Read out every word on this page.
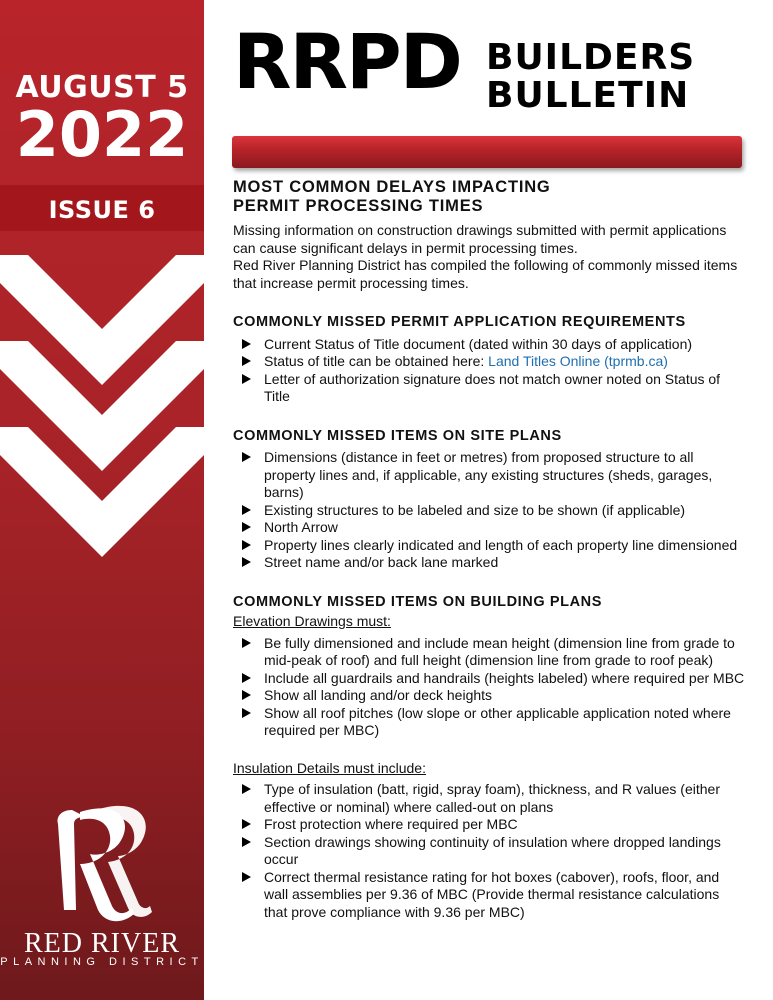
AUGUST 5
2022
ISSUE 6
RED RIVER
PLANNING DISTRICT
RRPD BUILDERS
BULLETIN
MOST COMMON DELAYS IMPACTING
PERMIT PROCESSING TIMES

Missing information on construction drawings submitted with permit applications can cause significant delays in permit processing times.

Red River Planning District has compiled the following of commonly missed items that increase permit processing times.

COMMONLY MISSED PERMIT APPLICATION REQUIREMENTS
Current Status of Title document (dated within 30 days of application)
Status of title can be obtained here: Land Titles Online (tprmb.ca)
Letter of authorization signature does not match owner noted on Status of Title
COMMONLY MISSED ITEMS ON SITE PLANS
Dimensions (distance in feet or metres) from proposed structure to all property lines and, if applicable, any existing structures (sheds, garages, barns)
Existing structures to be labeled and size to be shown (if applicable)
North Arrow
Property lines clearly indicated and length of each property line dimensioned
Street name and/or back lane marked
COMMONLY MISSED ITEMS ON BUILDING PLANS
Elevation Drawings must:
Be fully dimensioned and include mean height (dimension line from grade to mid-peak of roof) and full height (dimension line from grade to roof peak)
Include all guardrails and handrails (heights labeled) where required per MBC
Show all landing and/or deck heights
Show all roof pitches (low slope or other applicable application noted where required per MBC)
Insulation Details must include:
Type of insulation (batt, rigid, spray foam), thickness, and R values (either effective or nominal) where called-out on plans
Frost protection where required per MBC
Section drawings showing continuity of insulation where dropped landings occur
Correct thermal resistance rating for hot boxes (cabover), roofs, floor, and wall assemblies per 9.36 of MBC (Provide thermal resistance calculations that prove compliance with 9.36 per MBC)
